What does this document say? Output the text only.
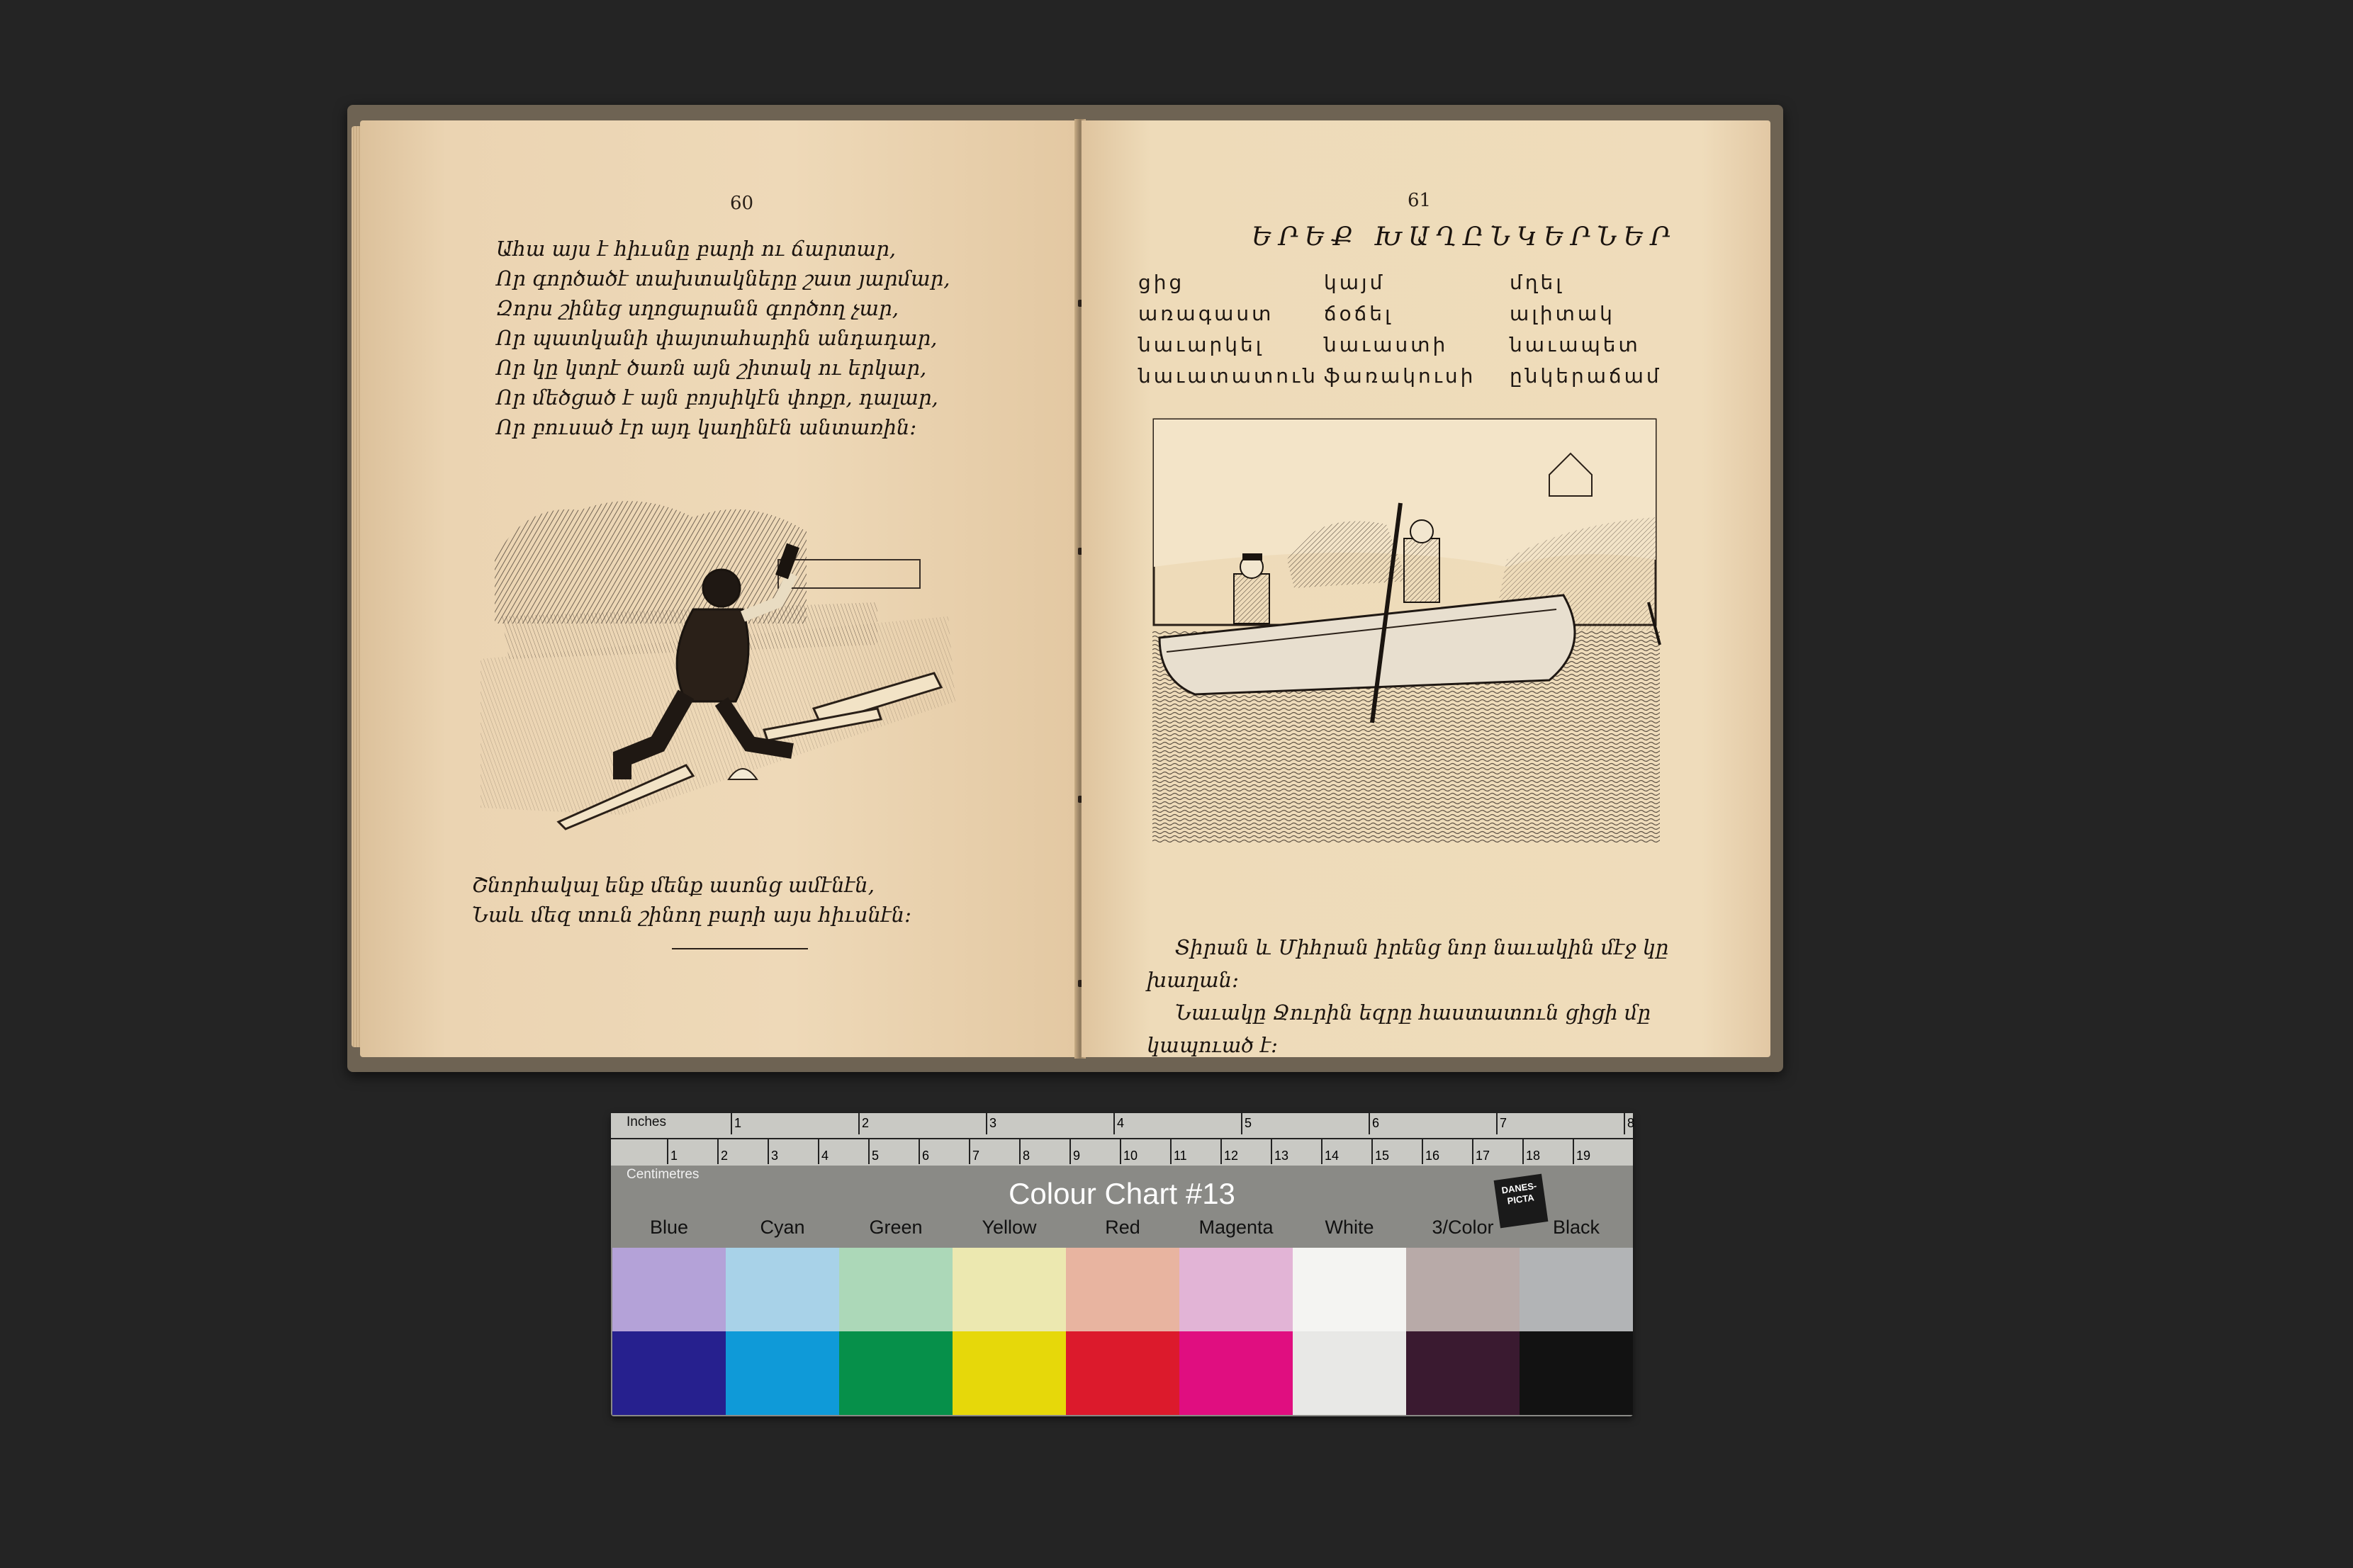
60
Ահա այս է հիւսնը բարի ու ճարտար,
Որ գործածէ տախտակները շատ յարմար,
Զորս շինեց սղոցարանն գործող չար,
Որ պատկանի փայտահարին անդադար,
Որ կը կտրէ ծառն այն շիտակ ու երկար,
Որ մեծցած է այն բոյսիկէն փոքր, դալար,
Որ բուսած էր այդ կաղինէն անտառին։
Շնորհակալ ենք մենք ասոնց ամէնէն,
Նաև մեզ տուն շինող բարի այս հիւսնէն։
61
ԵՐԵՔ ԽԱՂԸՆԿԵՐՆԵՐ
ցից	կայմ	մղել
առագաստ	ճօճել	ալիտակ
նաւարկել	նաւաստի	նաւապետ
նաւատատուն ֆառակուսի	ընկերաճամ
Տիրան և Միհրան իրենց նոր նաւակին մէջ կը
խաղան։
Նաւակը Ջուրին եզրը հաստատուն ցիցի մը
կապուած է։
1	2	3	4	5	6	7	8
1	2	3	4	5	6	7	8	9	10	11	12	13	14	15	16	17	18	19
Inches
Centimetres
Colour Chart #13	DANES-PICTA
Blue	Cyan	Green	Yellow	Red	Magenta	White	3/Color	Black
